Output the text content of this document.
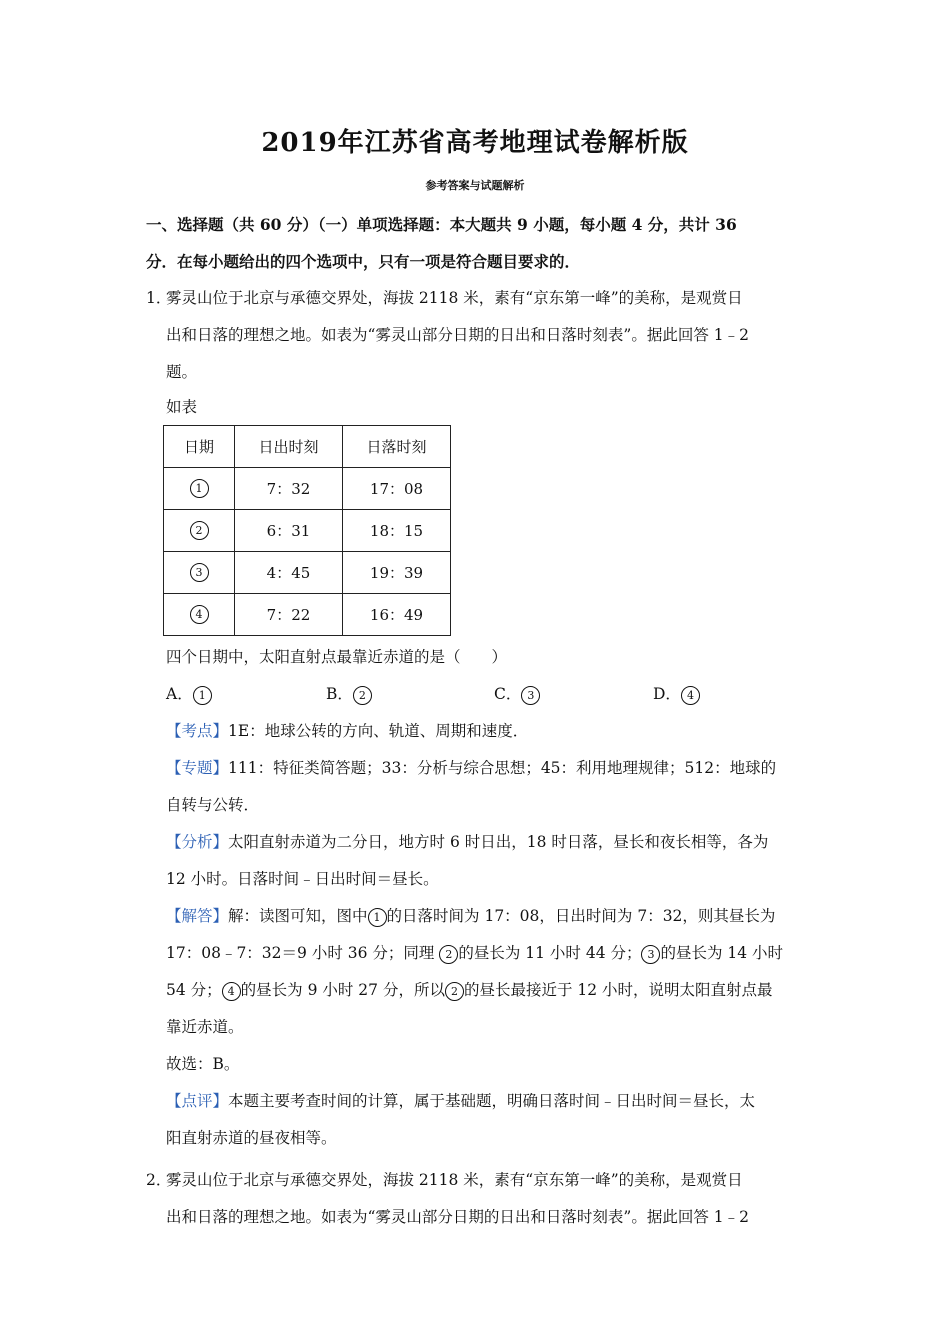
2019年江苏省高考地理试卷解析版
参考答案与试题解析
一、选择题（共 60 分）（一）单项选择题：本大题共 9 小题，每小题 4 分，共计 36
分．在每小题给出的四个选项中，只有一项是符合题目要求的．
1．
雾灵山位于北京与承德交界处，海拔 2118 米，素有“京东第一峰”的美称，是观赏日
出和日落的理想之地。如表为“雾灵山部分日期的日出和日落时刻表”。据此回答 1﹣2
题。
如表
日期	日出时刻	日落时刻
1	7：32	17：08
2	6：31	18：15
3	4：45	19：39
4	7：22	16：49
四个日期中，太阳直射点最靠近赤道的是（　　）
A． 1	B． 2	C． 3	D． 4
【考点】1E：地球公转的方向、轨道、周期和速度．
【专题】111：特征类简答题；33：分析与综合思想；45：利用地理规律；512：地球的
自转与公转．
【分析】太阳直射赤道为二分日，地方时 6 时日出，18 时日落，昼长和夜长相等，各为
12 小时。日落时间﹣日出时间＝昼长。
【解答】解：读图可知，图中 1 的日落时间为 17：08，日出时间为 7：32，则其昼长为
17：08﹣7：32＝9 小时 36 分；同理 2 的昼长为 11 小时 44 分； 3 的昼长为 14 小时
54 分； 4 的昼长为 9 小时 27 分，所以 2 的昼长最接近于 12 小时，说明太阳直射点最
靠近赤道。
故选：B。
【点评】本题主要考查时间的计算，属于基础题，明确日落时间﹣日出时间＝昼长，太
阳直射赤道的昼夜相等。
2．
雾灵山位于北京与承德交界处，海拔 2118 米，素有“京东第一峰”的美称，是观赏日
出和日落的理想之地。如表为“雾灵山部分日期的日出和日落时刻表”。据此回答 1﹣2
